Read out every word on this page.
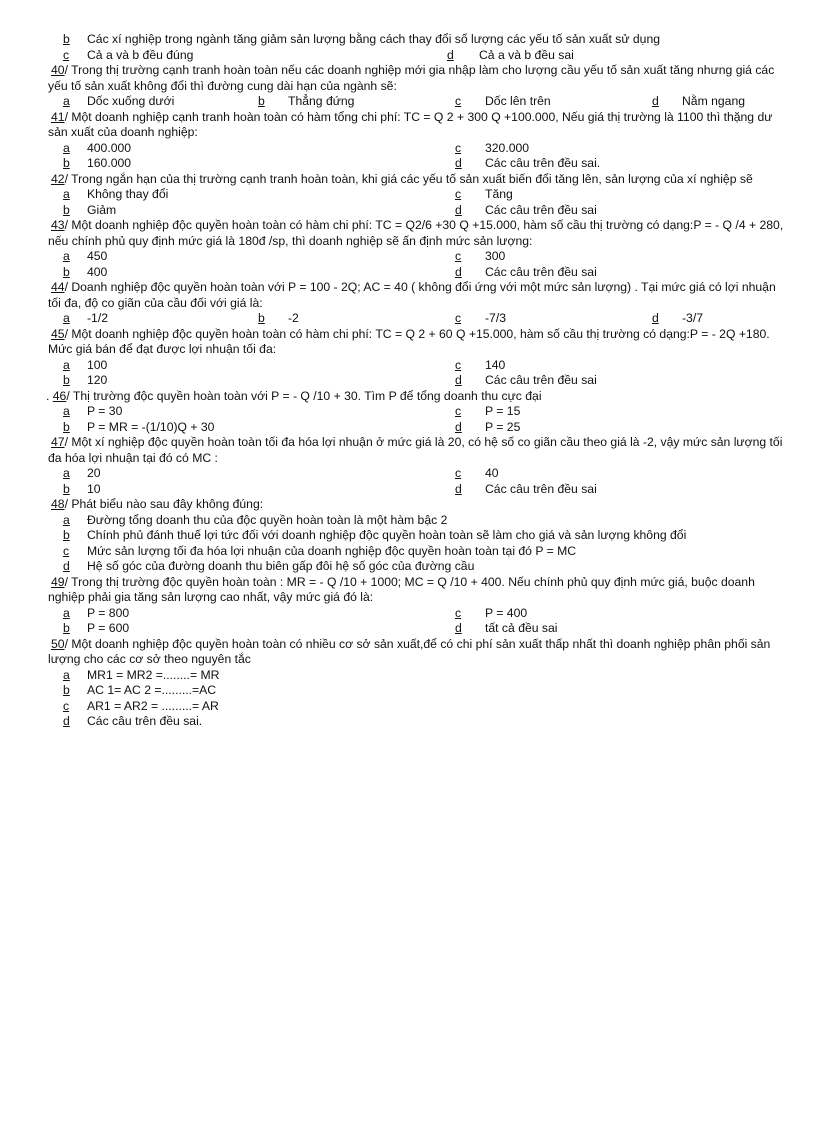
b Các xí nghiệp trong ngành tăng giảm sản lượng bằng cách thay đổi số lượng các yếu tố sản xuất sử dụng
c Cả a và b đều đúng	d Cả a và b đều sai

40/ Trong thị trường cạnh tranh hoàn toàn nếu các doanh nghiệp mới gia nhập làm cho lượng cầu yếu tố sản xuất tăng nhưng giá các yếu tố sản xuất không đổi thì đường cung dài hạn của ngành sẽ:

a Dốc xuống dưới	b Thẳng đứng	c Dốc lên trên	d Nằm ngang

41/ Một doanh nghiệp cạnh tranh hoàn toàn có hàm tổng chi phí: TC = Q 2 + 300 Q +100.000, Nếu giá thị trường là 1100 thì thặng dư sản xuất của doanh nghiệp:

a 400.000	c 320.000
b 160.000	d Các câu trên đều sai.

42/ Trong ngắn hạn của thị trường cạnh tranh hoàn toàn, khi giá các yếu tố sản xuất biến đổi tăng lên, sản lượng của xí nghiệp sẽ

a Không thay đổi	c Tăng
b Giảm	d Các câu trên đều sai

43/ Một doanh nghiệp độc quyền hoàn toàn có hàm chi phí: TC = Q2/6 +30 Q +15.000, hàm số cầu thị trường có dạng:P = - Q /4 + 280, nếu chính phủ quy định mức giá là 180đ /sp, thì doanh nghiệp sẽ ấn định mức sản lượng:

a 450	c 300
b 400	d Các câu trên đều sai

44/ Doanh nghiệp độc quyền hoàn toàn với P = 100 - 2Q; AC = 40 ( không đổi ứng với một mức sản lượng) . Tại mức giá có lợi nhuận tối đa, độ co giãn của cầu đối với giá là:

a -1/2	b -2	c -7/3	d -3/7

45/ Một doanh nghiệp độc quyền hoàn toàn có hàm chi phí: TC = Q 2 + 60 Q +15.000, hàm số cầu thị trường có dạng:P = - 2Q +180. Mức giá bán để đạt được lợi nhuận tối đa:

a 100	c 140
b 120	d Các câu trên đều sai

. 46/ Thị trường độc quyền hoàn toàn với P = - Q /10 + 30. Tìm P để tổng doanh thu cực đại

a P = 30	c P = 15
b P = MR = -(1/10)Q + 30	d P = 25

47/ Một xí nghiệp độc quyền hoàn toàn tối đa hóa lợi nhuận ở mức giá là 20, có hệ số co giãn cầu theo giá là -2, vậy mức sản lượng tối đa hóa lợi nhuận tại đó có MC :

a 20	c 40
b 10	d Các câu trên đều sai

48/ Phát biểu nào sau đây không đúng:

a Đường tổng doanh thu của độc quyền hoàn toàn là một hàm bậc 2
b Chính phủ đánh thuế lợi tức đối với doanh nghiệp độc quyền hoàn toàn sẽ làm cho giá và sản lượng không đổi
c Mức sản lượng tối đa hóa lợi nhuận của doanh nghiệp độc quyền hoàn toàn tại đó P = MC
d Hệ số góc của đường doanh thu biên gấp đôi hệ số góc của đường cầu

49/ Trong thị trường độc quyền hoàn toàn : MR = - Q /10 + 1000; MC = Q /10 + 400. Nếu chính phủ quy định mức giá, buộc doanh nghiệp phải gia tăng sản lượng cao nhất, vậy mức giá đó là:

a P = 800	c P = 400
b P = 600	d tất cả đều sai

50/ Một doanh nghiệp độc quyền hoàn toàn có nhiều cơ sở sản xuất,để có chi phí sản xuất thấp nhất thì doanh nghiệp phân phối sản lượng cho các cơ sở theo nguyên tắc

a MR1 = MR2 =........= MR
b AC 1= AC 2 =.........=AC
c AR1 = AR2 = .........= AR
d Các câu trên đều sai.
